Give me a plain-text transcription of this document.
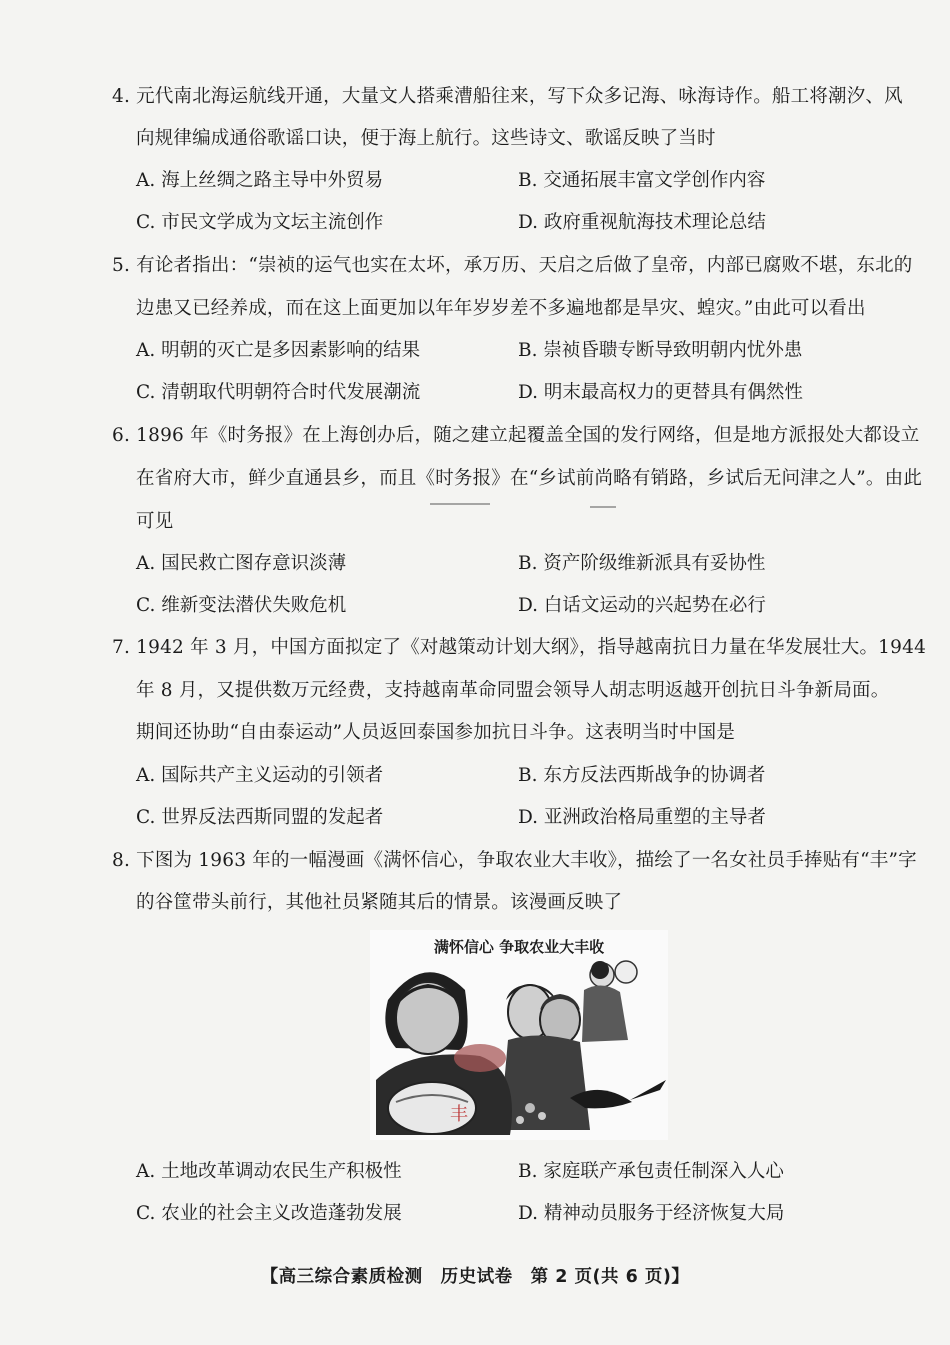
4. 元代南北海运航线开通，大量文人搭乘漕船往来，写下众多记海、咏海诗作。船工将潮汐、风
向规律编成通俗歌谣口诀，便于海上航行。这些诗文、歌谣反映了当时
A. 海上丝绸之路主导中外贸易	B. 交通拓展丰富文学创作内容
C. 市民文学成为文坛主流创作	D. 政府重视航海技术理论总结
5. 有论者指出：“崇祯的运气也实在太坏，承万历、天启之后做了皇帝，内部已腐败不堪，东北的
边患又已经养成，而在这上面更加以年年岁岁差不多遍地都是旱灾、蝗灾。”由此可以看出
A. 明朝的灭亡是多因素影响的结果	B. 崇祯昏聩专断导致明朝内忧外患
C. 清朝取代明朝符合时代发展潮流	D. 明末最高权力的更替具有偶然性
6. 1896 年《时务报》在上海创办后，随之建立起覆盖全国的发行网络，但是地方派报处大都设立
在省府大市，鲜少直通县乡，而且《时务报》在“乡试前尚略有销路，乡试后无问津之人”。由此
可见
A. 国民救亡图存意识淡薄	B. 资产阶级维新派具有妥协性
C. 维新变法潜伏失败危机	D. 白话文运动的兴起势在必行
7. 1942 年 3 月，中国方面拟定了《对越策动计划大纲》，指导越南抗日力量在华发展壮大。1944
年 8 月，又提供数万元经费，支持越南革命同盟会领导人胡志明返越开创抗日斗争新局面。
期间还协助“自由泰运动”人员返回泰国参加抗日斗争。这表明当时中国是
A. 国际共产主义运动的引领者	B. 东方反法西斯战争的协调者
C. 世界反法西斯同盟的发起者	D. 亚洲政治格局重塑的主导者
8. 下图为 1963 年的一幅漫画《满怀信心，争取农业大丰收》，描绘了一名女社员手捧贴有“丰”字
的谷筐带头前行，其他社员紧随其后的情景。该漫画反映了
满怀信心 争取农业大丰收
丰
A. 土地改革调动农民生产积极性	B. 家庭联产承包责任制深入人心
C. 农业的社会主义改造蓬勃发展	D. 精神动员服务于经济恢复大局
【高三综合素质检测　历史试卷　第 2 页(共 6 页)】
